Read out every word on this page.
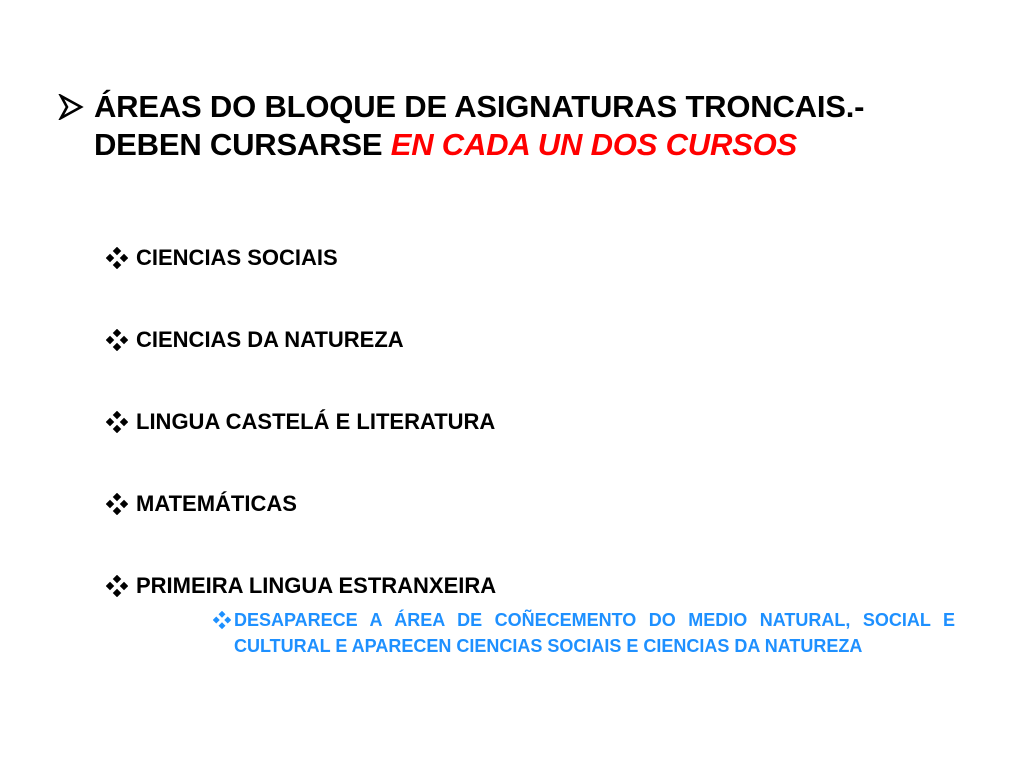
ÁREAS DO BLOQUE DE ASIGNATURAS TRONCAIS.- DEBEN CURSARSE EN CADA UN DOS CURSOS
CIENCIAS SOCIAIS
CIENCIAS DA NATUREZA
LINGUA CASTELÁ E LITERATURA
MATEMÁTICAS
PRIMEIRA LINGUA ESTRANXEIRA
DESAPARECE A ÁREA DE COÑECEMENTO DO MEDIO NATURAL, SOCIAL E CULTURAL E APARECEN CIENCIAS SOCIAIS E CIENCIAS DA NATUREZA
